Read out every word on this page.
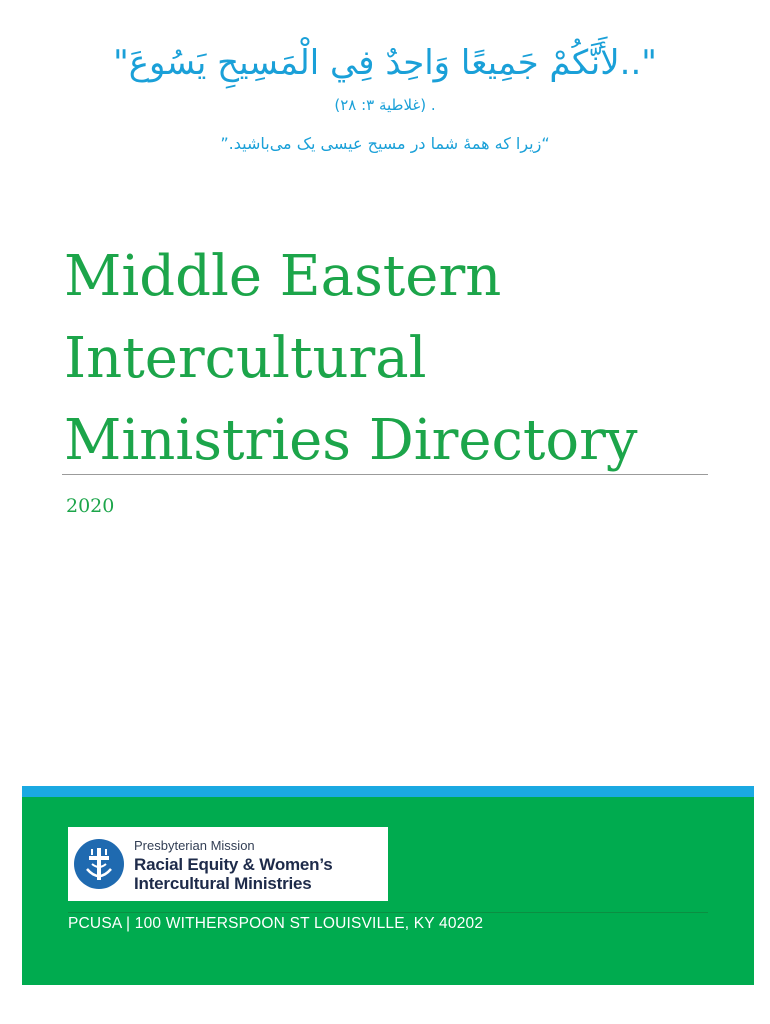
"..لأَنَّكُمْ جَمِيعًا وَاحِدٌ فِي الْمَسِيحِ يَسُوعَ"
. (غلاطية ٣: ٢٨)
“زیرا که همهٔ شما در مسیح عیسی یک می‌باشید.”
Middle Eastern
Intercultural
Ministries Directory
2020
Presbyterian Mission
Racial Equity & Women’s
Intercultural Ministries
PCUSA | 100 WITHERSPOON ST LOUISVILLE, KY 40202
